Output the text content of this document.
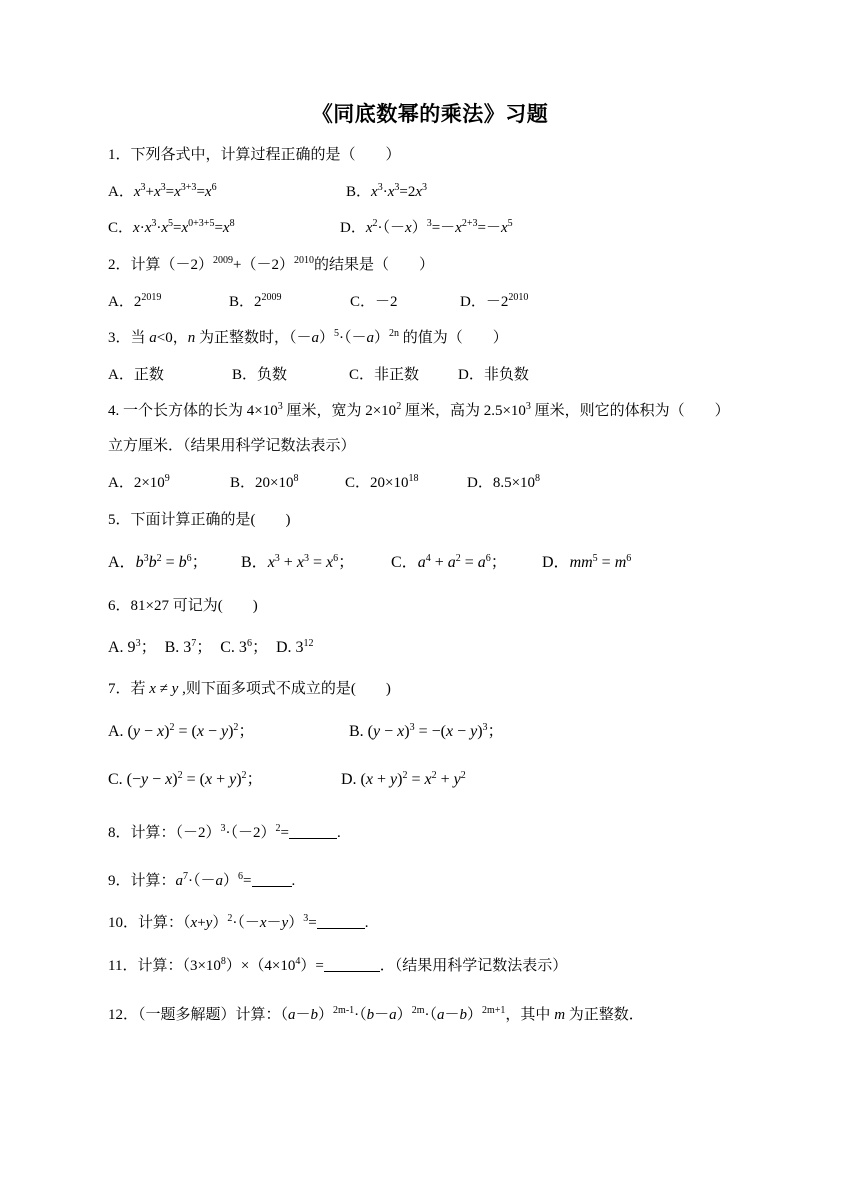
《同底数幂的乘法》习题
1．下列各式中，计算过程正确的是（　　）
A．$x^3+x^3=x^{3+3}=x^6$	B．$x^3\cdot x^3=2x^3$
C．$x\cdot x^3\cdot x^5=x^{0+3+5}=x^8$	D．$x^2\cdot(-x)^3=-x^{2+3}=-x^5$
2．计算$(-2)^{2009}+(-2)^{2010}$的结果是（　　）
A．$2^{2019}$	B．$2^{2009}$	C．－2	D．$-2^{2010}$
3．当 a<0，n 为正整数时，$(-a)^5\cdot(-a)^{2n}$ 的值为（　　）
A．正数	B．负数	C．非正数	D．非负数
4. 一个长方体的长为 $4\times 10^3$ 厘米，宽为 $2\times 10^2$ 厘米，高为 $2.5\times 10^3$ 厘米，则它的体积为（　　）
立方厘米．（结果用科学记数法表示）
A．$2\times 10^9$	B．$20\times 10^8$	C．$20\times 10^{18}$	D．$8.5\times 10^8$
5．下面计算正确的是(　　)
A．$b^3b^2 = b^6$； B．$x^3 + x^3 = x^6$； C．$a^4 + a^2 = a^6$； D．$mm^5 = m^6$
6．81×27 可记为(　　)
A. $9^3$；  B. $3^7$；  C. $3^6$；  D. $3^{12}$
7．若 x ≠ y ,则下面多项式不成立的是(　　)
A. $(y - x)^2 = (x - y)^2$；	B. $(y - x)^3 = -(x - y)^3$；
C. $(-y - x)^2 = (x + y)^2$；	D. $(x + y)^2 = x^2 + y^2$
8．计算：$(-2)^3\cdot(-2)^2=$	.
9．计算：$a^7\cdot(-a)^6=$	.
10．计算：$(x+y)^2\cdot(-x-y)^3=$	.
11．计算：$(3\times 10^8)\times(4\times 10^4)=$	．（结果用科学记数法表示）
12．（一题多解题）计算：$(a-b)^{2m-1}\cdot(b-a)^{2m}\cdot(a-b)^{2m+1}$，其中 m 为正整数．
